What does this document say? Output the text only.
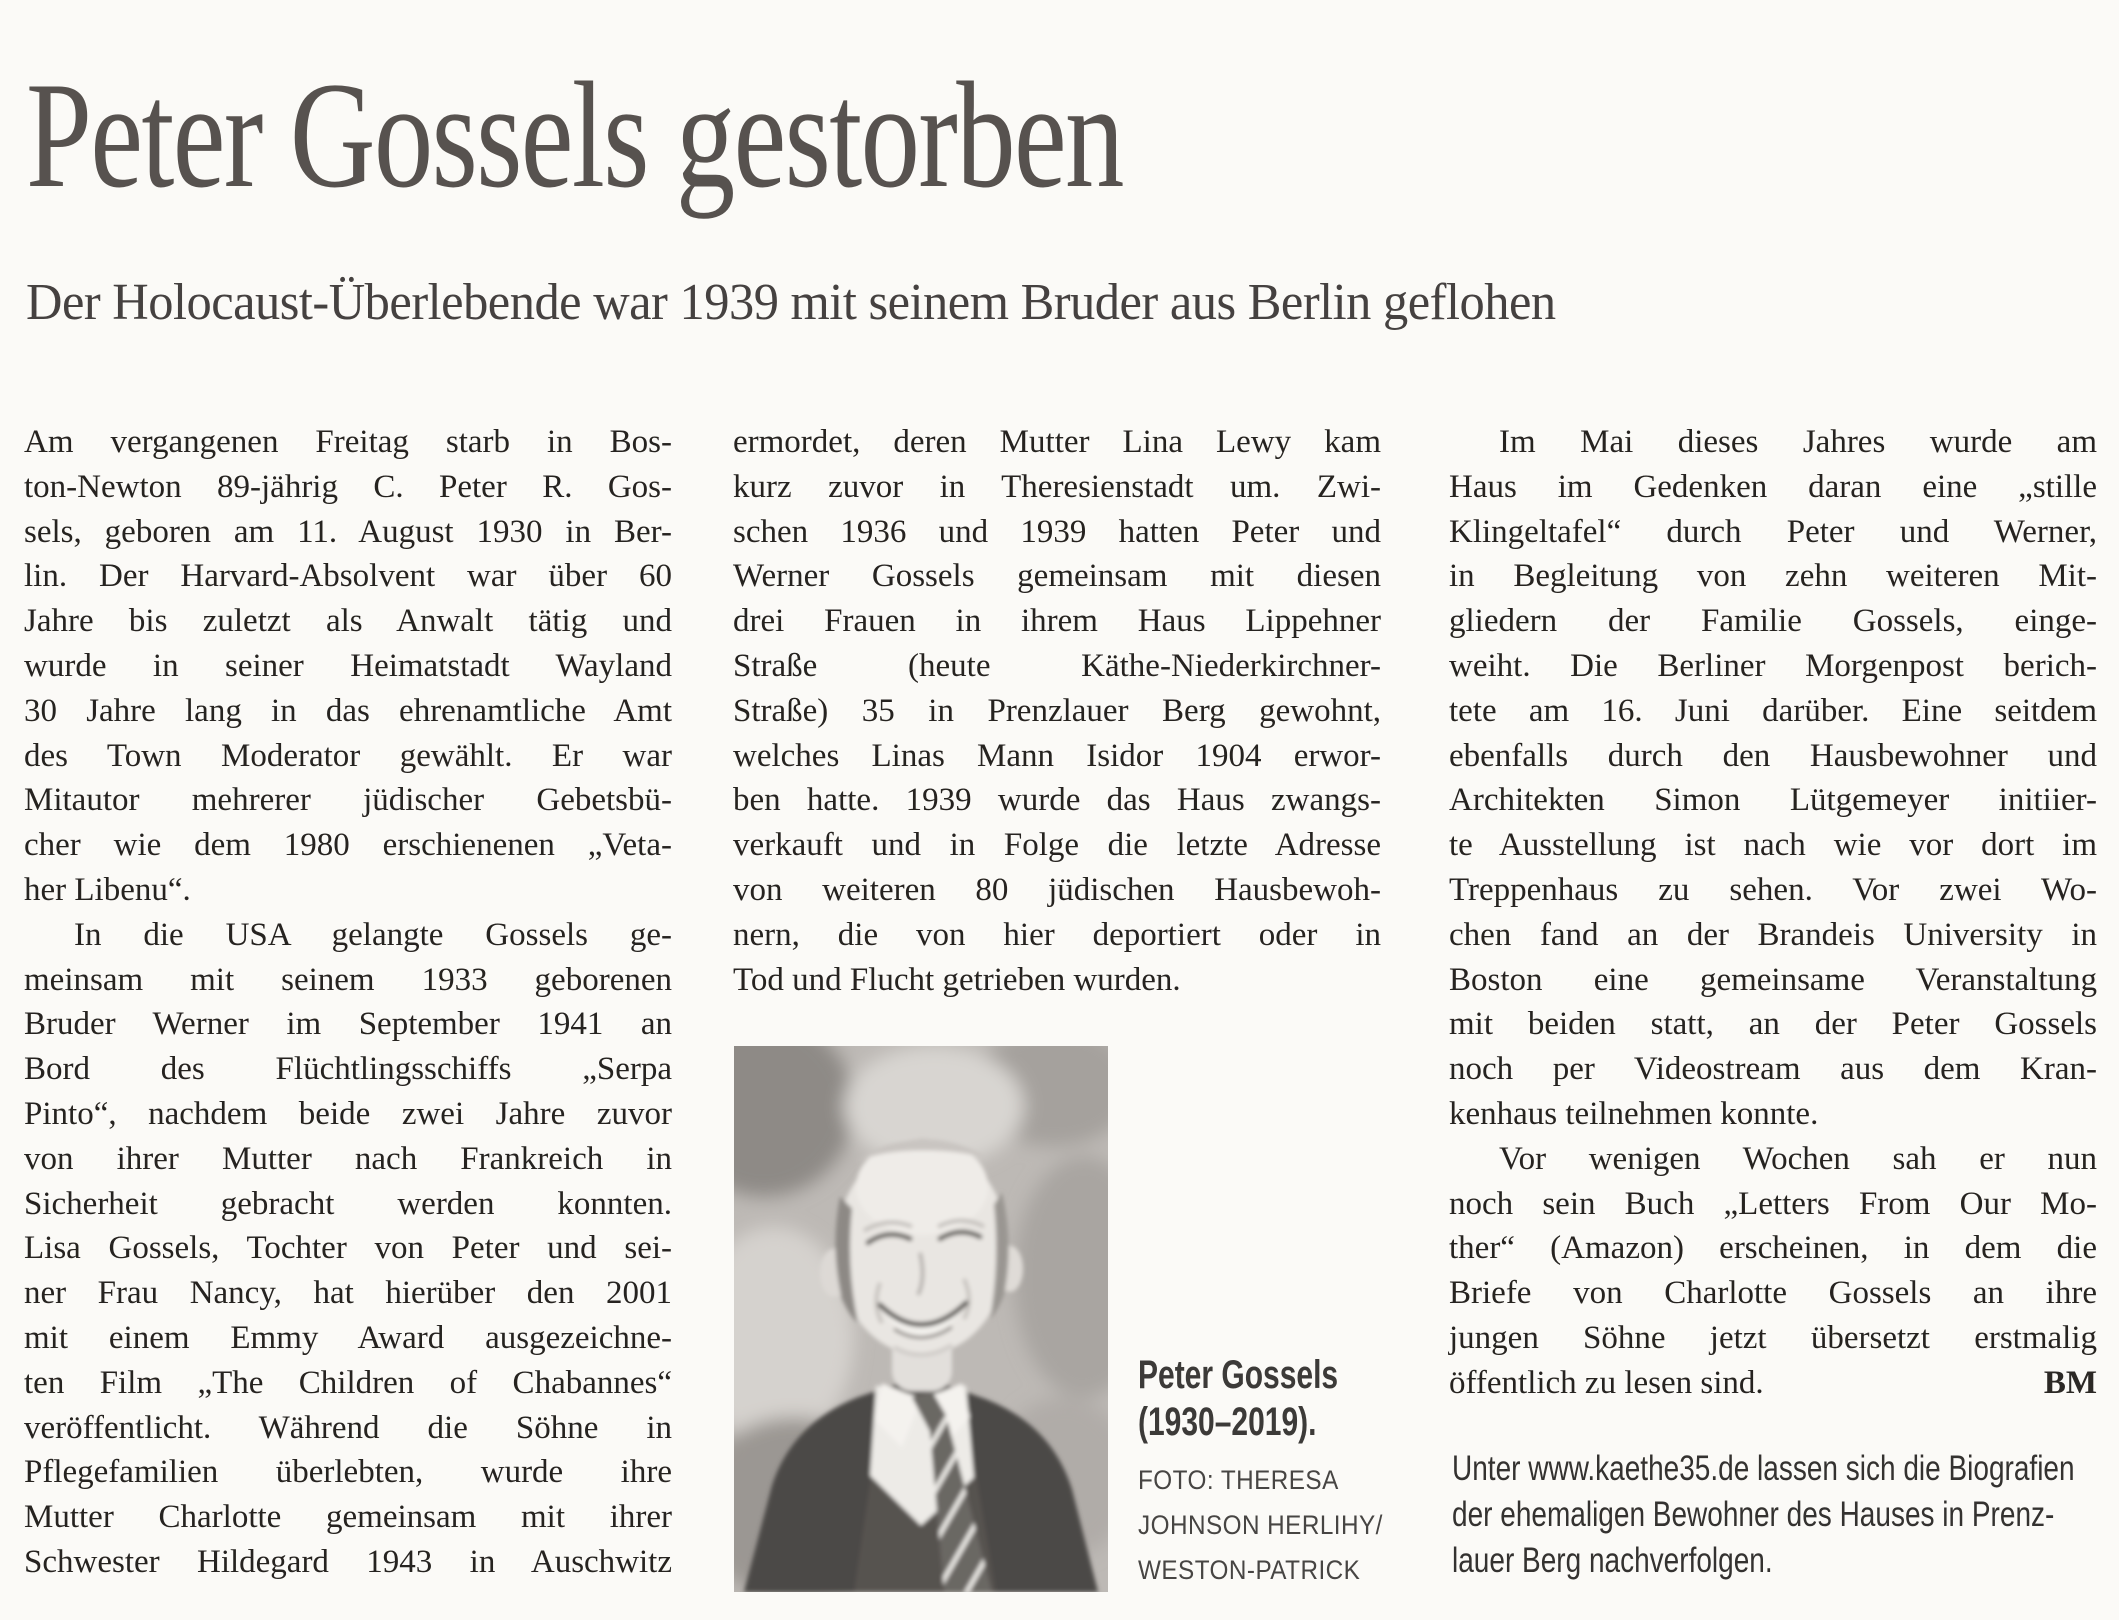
Peter Gossels gestorben
Der Holocaust-Überlebende war 1939 mit seinem Bruder aus Berlin geflohen
Am vergangenen Freitag starb in Bos-
ton-Newton 89-jährig C. Peter R. Gos-
sels, geboren am 11. August 1930 in Ber-
lin. Der Harvard-Absolvent war über 60
Jahre bis zuletzt als Anwalt tätig und
wurde in seiner Heimatstadt Wayland
30 Jahre lang in das ehrenamtliche Amt
des Town Moderator gewählt. Er war
Mitautor mehrerer jüdischer Gebetsbü-
cher wie dem 1980 erschienenen „Veta-
her Libenu“.
In die USA gelangte Gossels ge-
meinsam mit seinem 1933 geborenen
Bruder Werner im September 1941 an
Bord des Flüchtlingsschiffs „Serpa
Pinto“, nachdem beide zwei Jahre zuvor
von ihrer Mutter nach Frankreich in
Sicherheit gebracht werden konnten.
Lisa Gossels, Tochter von Peter und sei-
ner Frau Nancy, hat hierüber den 2001
mit einem Emmy Award ausgezeichne-
ten Film „The Children of Chabannes“
veröffentlicht. Während die Söhne in
Pflegefamilien überlebten, wurde ihre
Mutter Charlotte gemeinsam mit ihrer
Schwester Hildegard 1943 in Auschwitz
ermordet, deren Mutter Lina Lewy kam
kurz zuvor in Theresienstadt um. Zwi-
schen 1936 und 1939 hatten Peter und
Werner Gossels gemeinsam mit diesen
drei Frauen in ihrem Haus Lippehner
Straße (heute Käthe-Niederkirchner-
Straße) 35 in Prenzlauer Berg gewohnt,
welches Linas Mann Isidor 1904 erwor-
ben hatte. 1939 wurde das Haus zwangs-
verkauft und in Folge die letzte Adresse
von weiteren 80 jüdischen Hausbewoh-
nern, die von hier deportiert oder in
Tod und Flucht getrieben wurden.
Im Mai dieses Jahres wurde am
Haus im Gedenken daran eine „stille
Klingeltafel“ durch Peter und Werner,
in Begleitung von zehn weiteren Mit-
gliedern der Familie Gossels, einge-
weiht. Die Berliner Morgenpost berich-
tete am 16. Juni darüber. Eine seitdem
ebenfalls durch den Hausbewohner und
Architekten Simon Lütgemeyer initiier-
te Ausstellung ist nach wie vor dort im
Treppenhaus zu sehen. Vor zwei Wo-
chen fand an der Brandeis University in
Boston eine gemeinsame Veranstaltung
mit beiden statt, an der Peter Gossels
noch per Videostream aus dem Kran-
kenhaus teilnehmen konnte.
Vor wenigen Wochen sah er nun
noch sein Buch „Letters From Our Mo-
ther“ (Amazon) erscheinen, in dem die
Briefe von Charlotte Gossels an ihre
jungen Söhne jetzt übersetzt erstmalig
öffentlich zu lesen sind.	BM
Peter Gossels
(1930–2019).
FOTO: THERESA
JOHNSON HERLIHY/
WESTON-PATRICK
Unter www.kaethe35.de lassen sich die Biografien
der ehemaligen Bewohner des Hauses in Prenz-
lauer Berg nachverfolgen.
